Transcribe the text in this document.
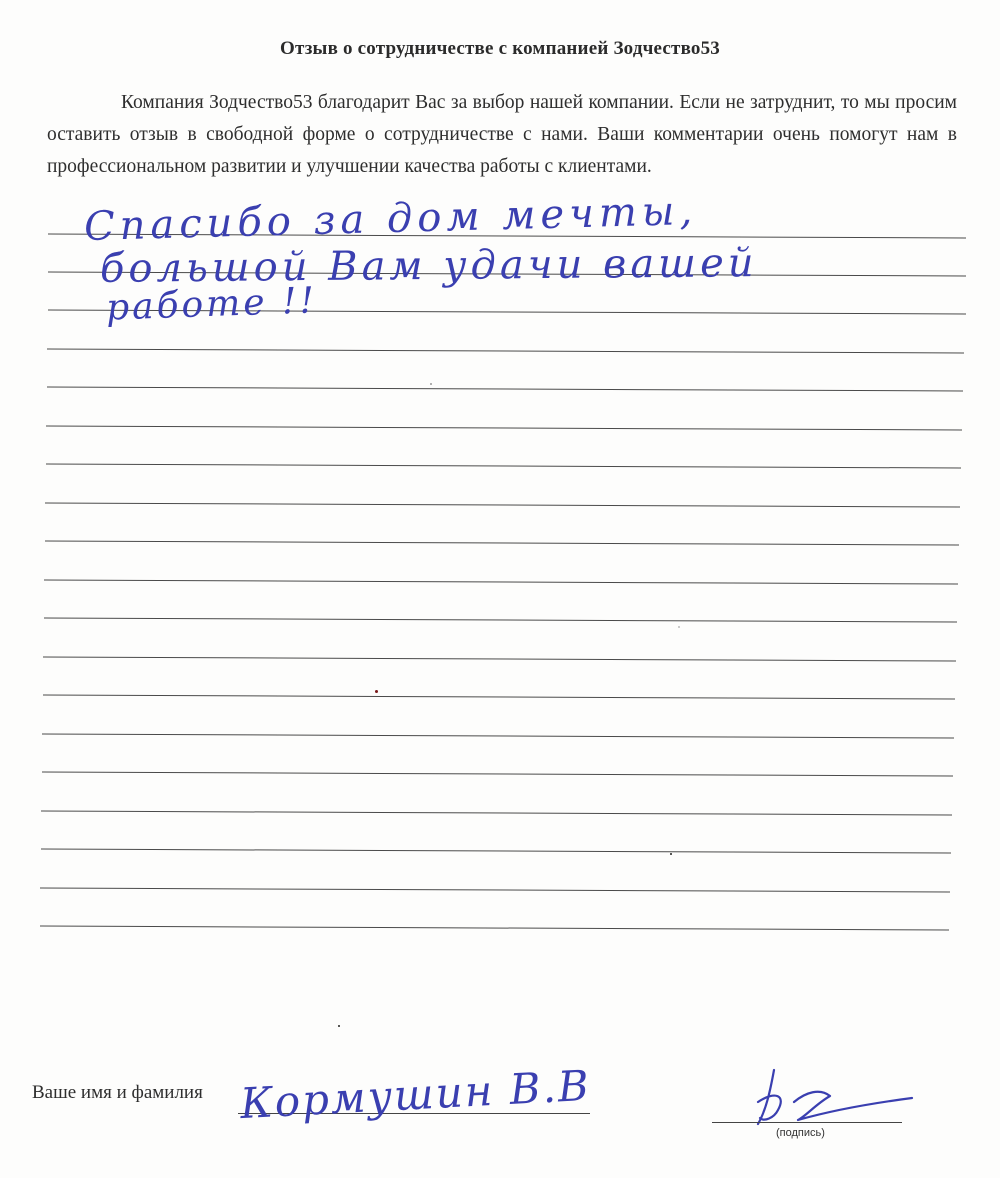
Отзыв о сотрудничестве с компанией Зодчество53
Компания Зодчество53 благодарит Вас за выбор нашей компании. Если не затруднит, то мы просим оставить отзыв в свободной форме о сотрудничестве с нами. Ваши комментарии очень помогут нам в профессиональном развитии и улучшении качества работы с клиентами.
Спасибо за дом мечты,
большой Вам удачи вашей
работе !!
Ваше имя и фамилия Кормушин В.В
(подпись)
